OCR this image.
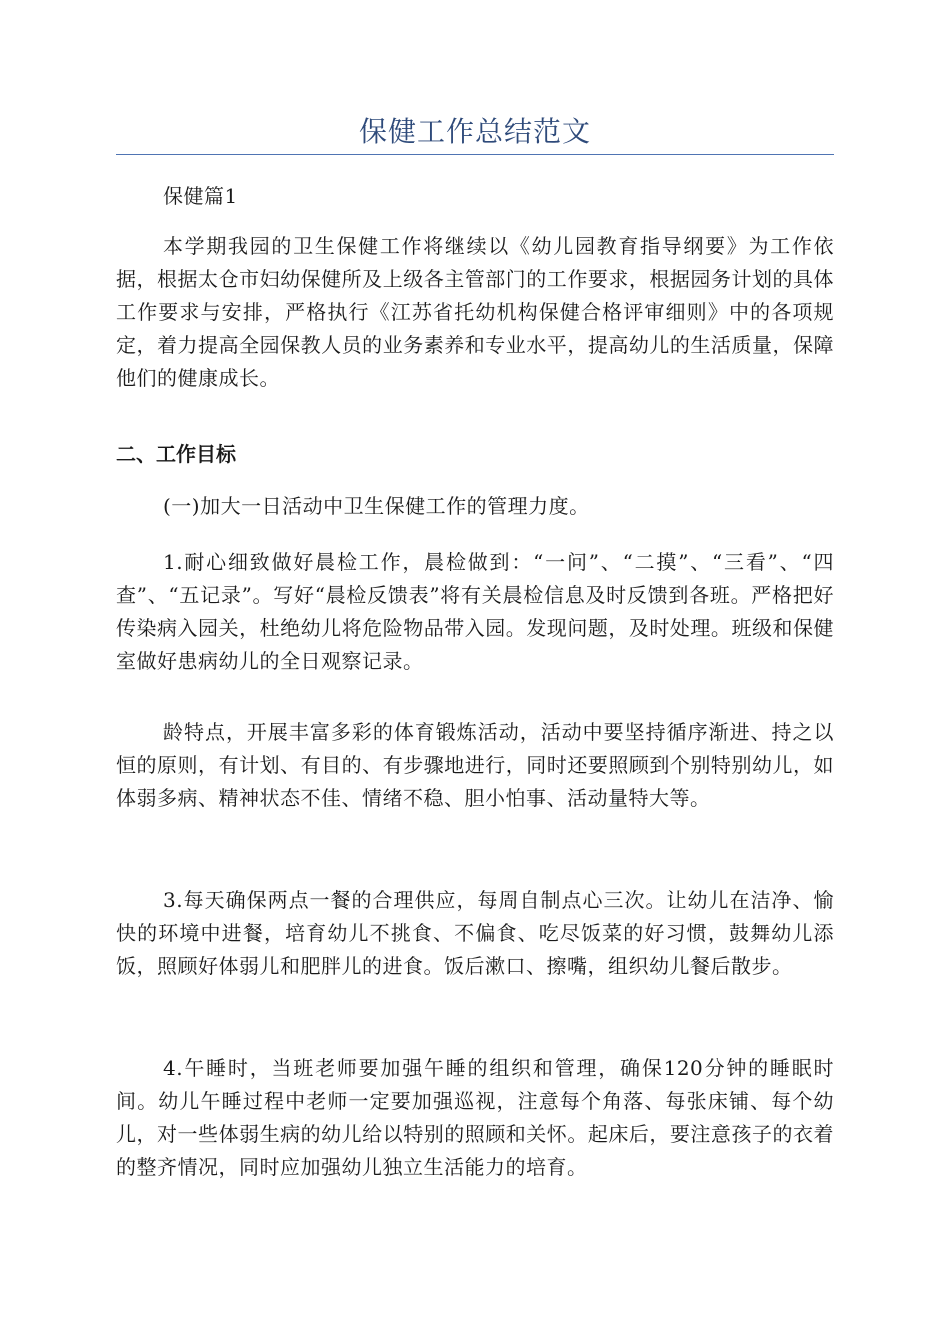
保健工作总结范文

保健篇1

本学期我园的卫生保健工作将继续以《幼儿园教育指导纲要》为工作依据，根据太仓市妇幼保健所及上级各主管部门的工作要求，根据园务计划的具体工作要求与安排，严格执行《江苏省托幼机构保健合格评审细则》中的各项规定，着力提高全园保教人员的业务素养和专业水平，提高幼儿的生活质量，保障他们的健康成长。

二、工作目标

(一)加大一日活动中卫生保健工作的管理力度。

1.耐心细致做好晨检工作，晨检做到：“一问”、“二摸”、“三看”、“四查”、“五记录”。写好“晨检反馈表”将有关晨检信息及时反馈到各班。严格把好传染病入园关，杜绝幼儿将危险物品带入园。发现问题，及时处理。班级和保健室做好患病幼儿的全日观察记录。

龄特点，开展丰富多彩的体育锻炼活动，活动中要坚持循序渐进、持之以恒的原则，有计划、有目的、有步骤地进行，同时还要照顾到个别特别幼儿，如体弱多病、精神状态不佳、情绪不稳、胆小怕事、活动量特大等。

3.每天确保两点一餐的合理供应，每周自制点心三次。让幼儿在洁净、愉快的环境中进餐，培育幼儿不挑食、不偏食、吃尽饭菜的好习惯，鼓舞幼儿添饭，照顾好体弱儿和肥胖儿的进食。饭后漱口、擦嘴，组织幼儿餐后散步。

4.午睡时，当班老师要加强午睡的组织和管理，确保120分钟的睡眠时间。幼儿午睡过程中老师一定要加强巡视，注意每个角落、每张床铺、每个幼儿，对一些体弱生病的幼儿给以特别的照顾和关怀。起床后，要注意孩子的衣着的整齐情况，同时应加强幼儿独立生活能力的培育。
